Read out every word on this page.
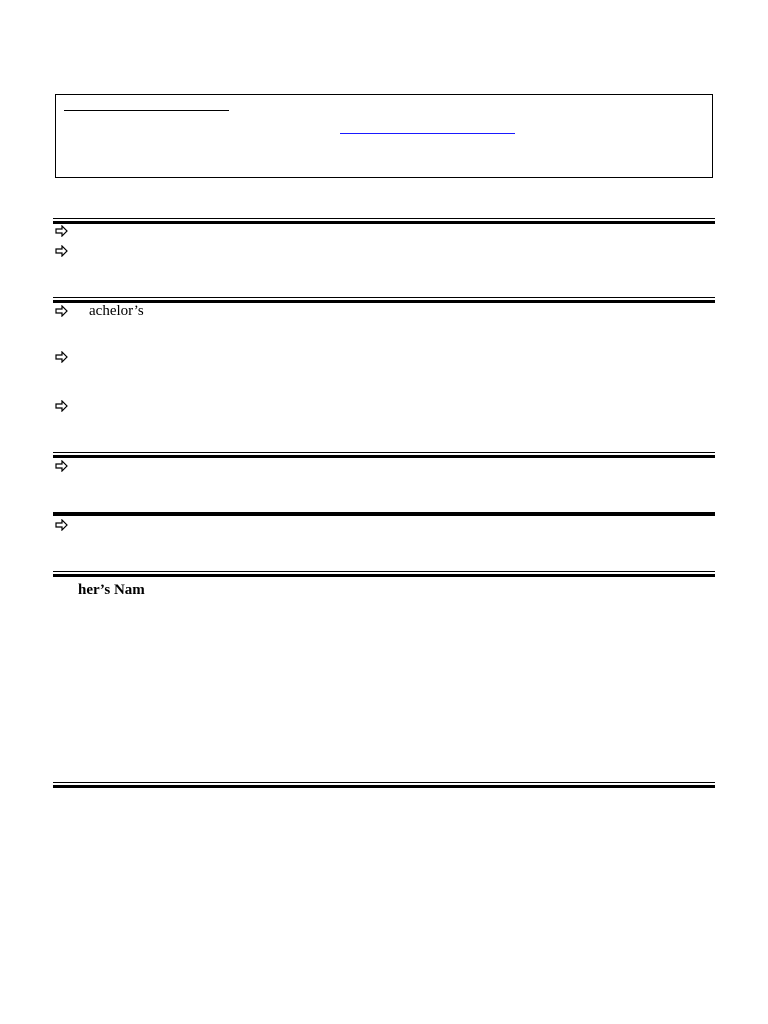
achelor’s
her’s Nam
